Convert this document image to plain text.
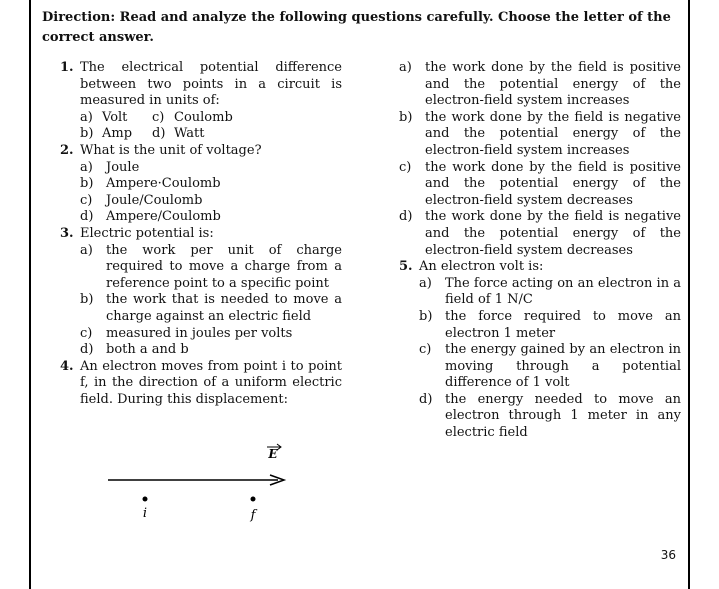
Direction: Read and analyze the following questions carefully. Choose the letter of the correct answer.
1. The electrical potential difference between two points in a circuit is measured in units of:
a) Volt c) Coulomb
b) Amp d) Watt
2. What is the unit of voltage?
a)	Joule
b) Ampere·Coulomb
c)	Joule/Coulomb
d) Ampere/Coulomb
3. Electric potential is:
a)	the work per unit of charge required to move a charge from a reference point to a specific point
b) the work that is needed to move a charge against an electric field
c)	measured in joules per volts
d) both a and b
4. An electron moves from point i to point f, in the direction of a uniform electric field. During this displacement:
E
i	f
a)	the work done by the field is positive and the potential energy of the electron-field system increases
b) the work done by the field is negative and the potential energy of the electron-field system increases
c)	the work done by the field is positive and the potential energy of the electron-field system decreases
d) the work done by the field is negative and the potential energy of the electron-field system decreases
5. An electron volt is:
a)	The force acting on an electron in a field of 1 N/C
b) the force required to move an electron 1 meter
c)	the energy gained by an electron in moving through a potential difference of 1 volt
d) the energy needed to move an electron through 1 meter in any electric field
36
